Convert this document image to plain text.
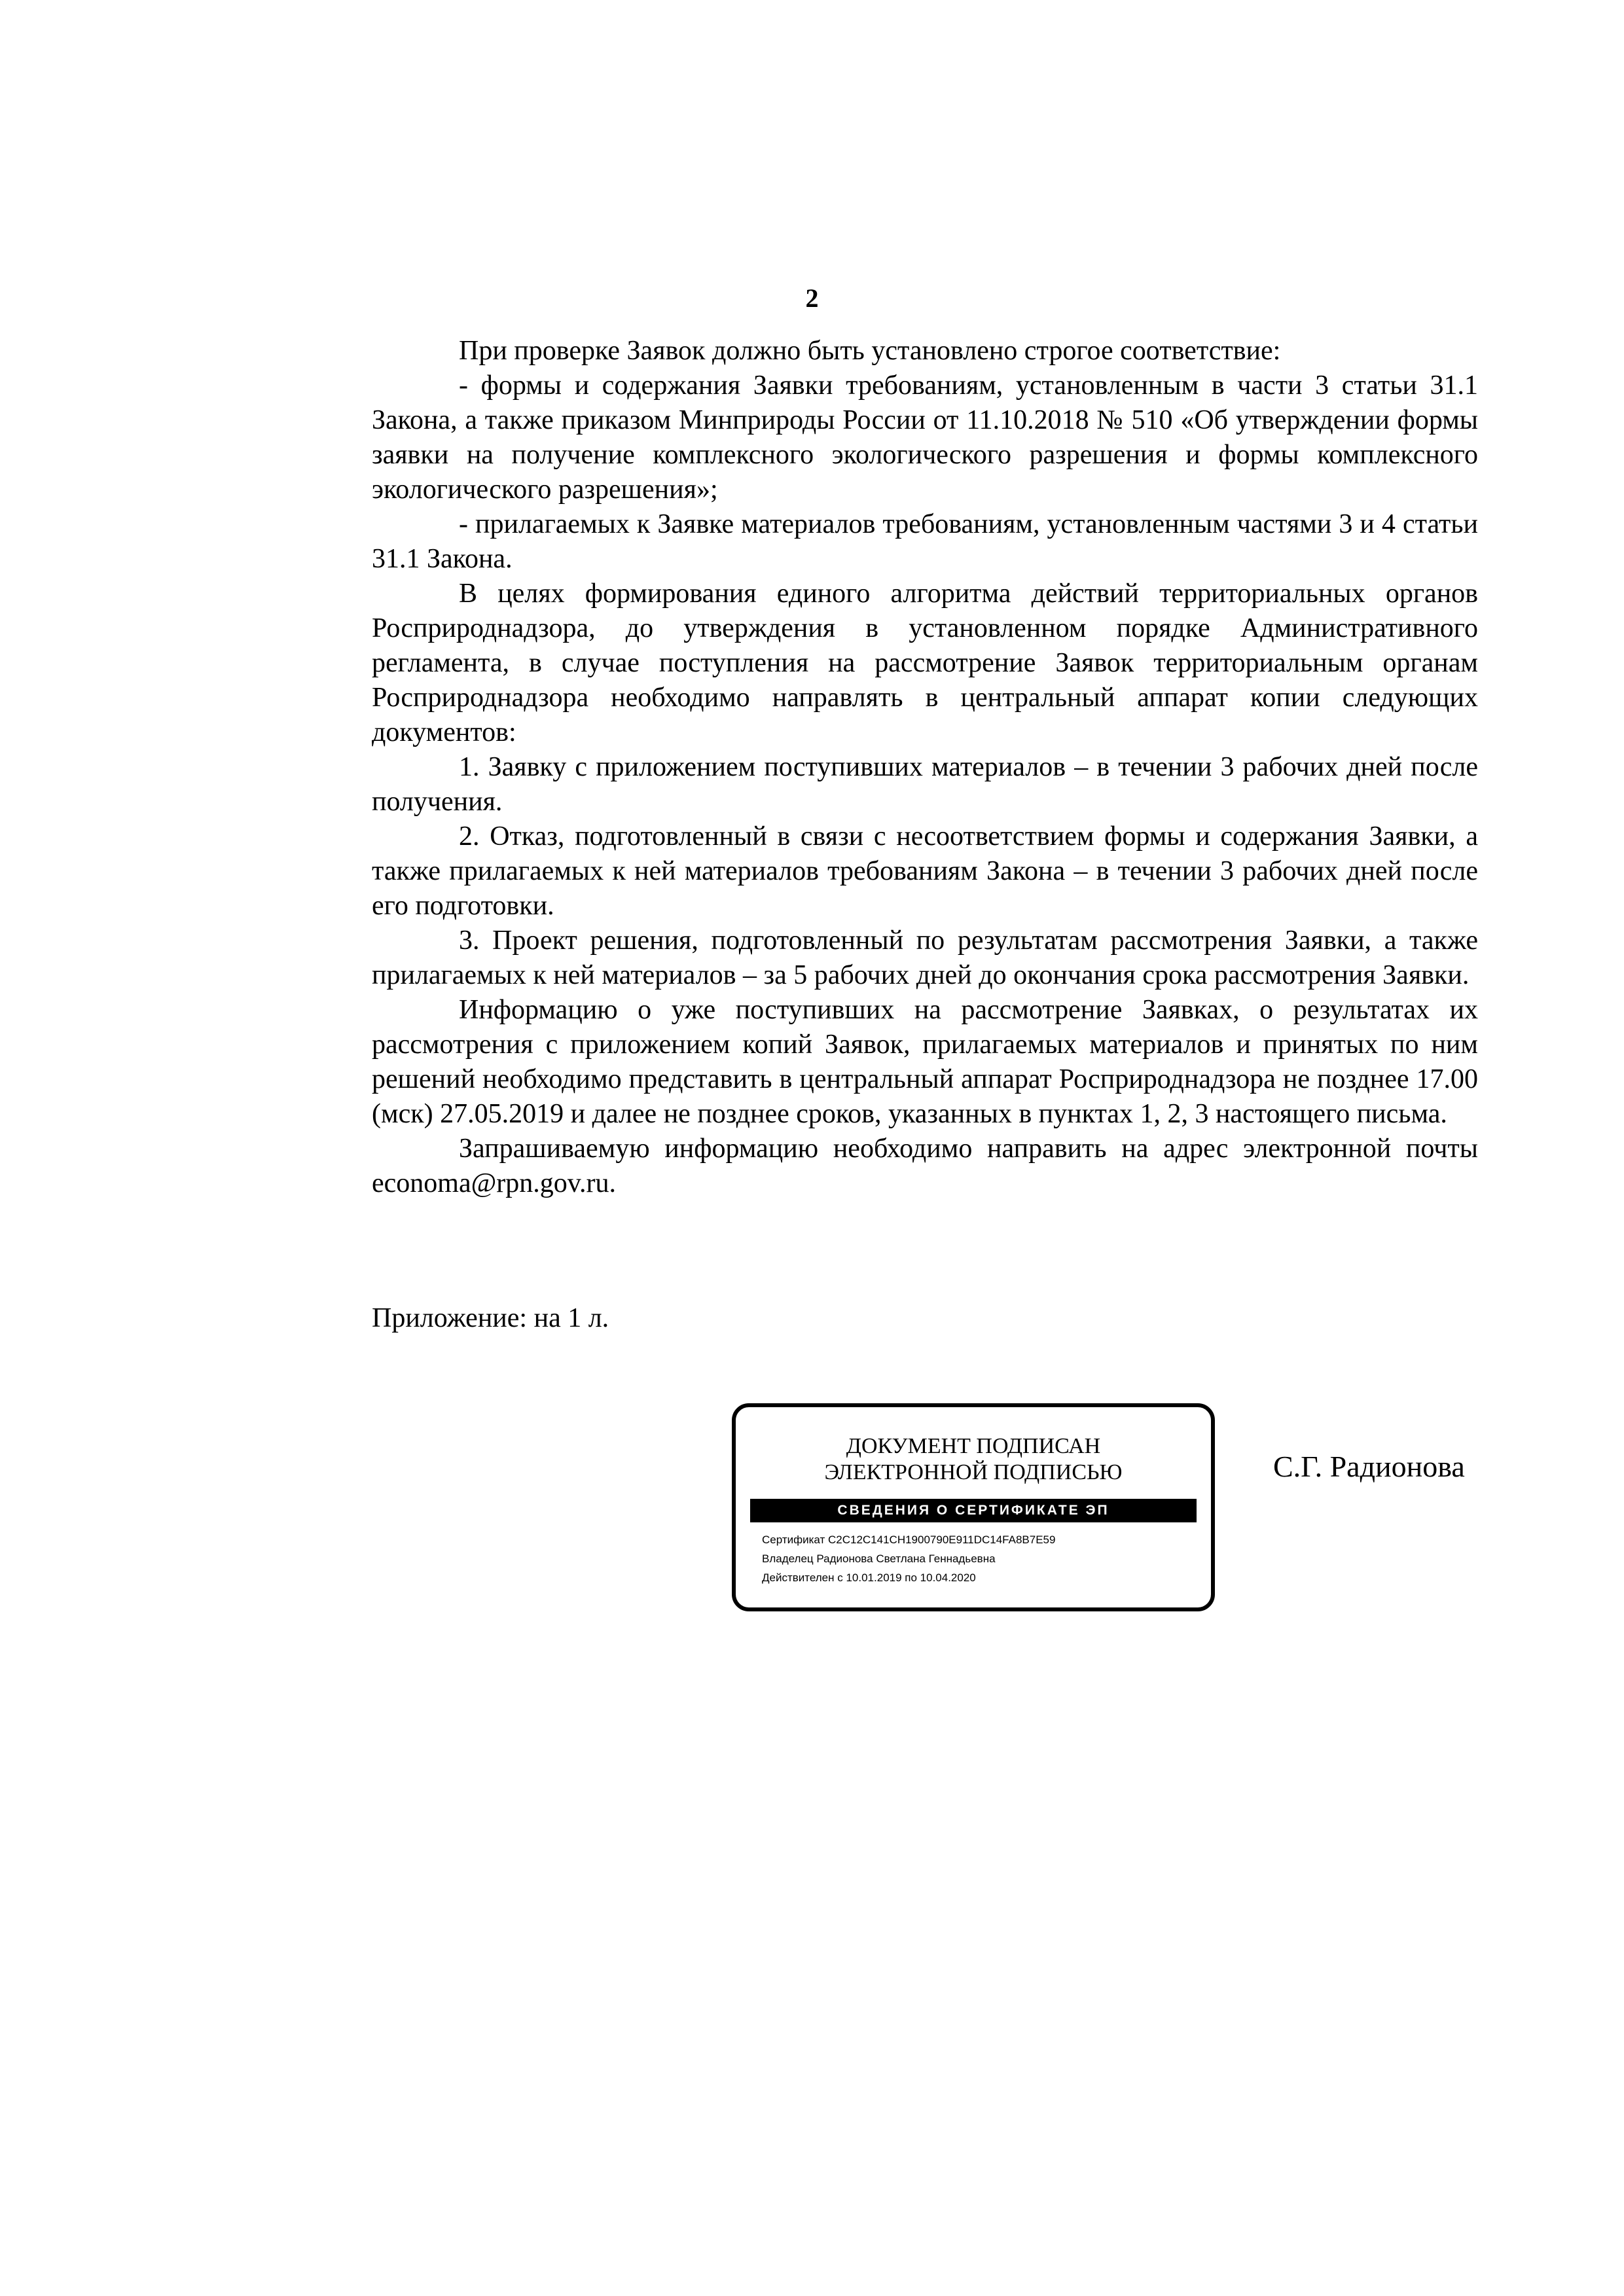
2

При проверке Заявок должно быть установлено строгое соответствие:

- формы и содержания Заявки требованиям, установленным в части 3 статьи 31.1 Закона, а также приказом Минприроды России от 11.10.2018 № 510 «Об утверждении формы заявки на получение комплексного экологического разрешения и формы комплексного экологического разрешения»;

- прилагаемых к Заявке материалов требованиям, установленным частями 3 и 4 статьи 31.1 Закона.

В целях формирования единого алгоритма действий территориальных органов Росприроднадзора, до утверждения в установленном порядке Административного регламента, в случае поступления на рассмотрение Заявок территориальным органам Росприроднадзора необходимо направлять в центральный аппарат копии следующих документов:

1. Заявку с приложением поступивших материалов – в течении 3 рабочих дней после получения.

2. Отказ, подготовленный в связи с несоответствием формы и содержания Заявки, а также прилагаемых к ней материалов требованиям Закона – в течении 3 рабочих дней после его подготовки.

3. Проект решения, подготовленный по результатам рассмотрения Заявки, а также прилагаемых к ней материалов – за 5 рабочих дней до окончания срока рассмотрения Заявки.

Информацию о уже поступивших на рассмотрение Заявках, о результатах их рассмотрения с приложением копий Заявок, прилагаемых материалов и принятых по ним решений необходимо представить в центральный аппарат Росприроднадзора не позднее 17.00 (мск) 27.05.2019 и далее не позднее сроков, указанных в пунктах 1, 2, 3 настоящего письма.

Запрашиваемую информацию необходимо направить на адрес электронной почты economa@rpn.gov.ru.

Приложение: на 1 л.
ДОКУМЕНТ ПОДПИСАН
ЭЛЕКТРОННОЙ ПОДПИСЬЮ
СВЕДЕНИЯ О СЕРТИФИКАТЕ ЭП
Сертификат C2C12C141CH1900790E911DC14FA8B7E59
Владелец Радионова Светлана Геннадьевна
Действителен с 10.01.2019 по 10.04.2020
С.Г. Радионова
